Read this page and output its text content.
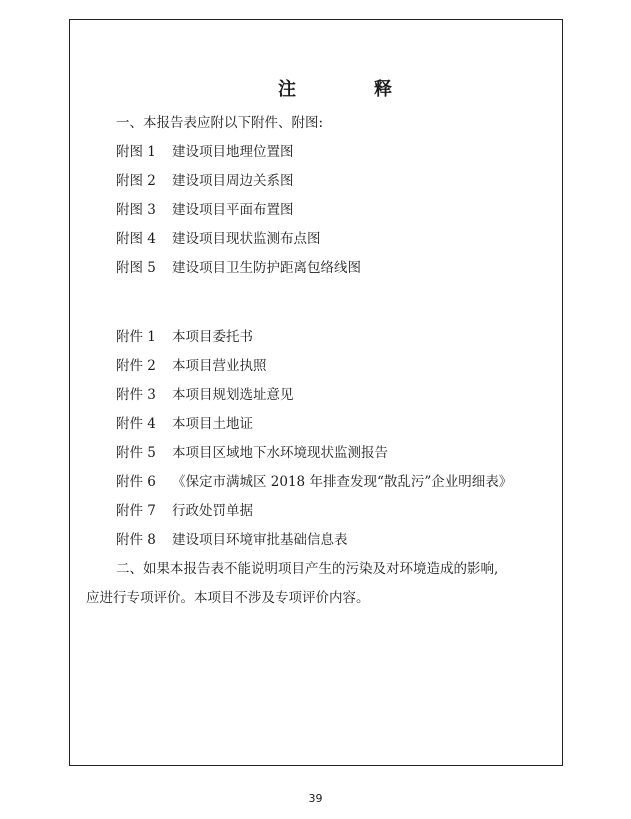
注	释
一、本报告表应附以下附件、附图:
附图 1 建设项目地理位置图
附图 2 建设项目周边关系图
附图 3 建设项目平面布置图
附图 4 建设项目现状监测布点图
附图 5 建设项目卫生防护距离包络线图
附件 1 本项目委托书
附件 2 本项目营业执照
附件 3 本项目规划选址意见
附件 4 本项目土地证
附件 5 本项目区域地下水环境现状监测报告
附件 6 《保定市满城区 2018 年排查发现“散乱污”企业明细表》
附件 7 行政处罚单据
附件 8 建设项目环境审批基础信息表
二、如果本报告表不能说明项目产生的污染及对环境造成的影响,
应进行专项评价。本项目不涉及专项评价内容。
39
